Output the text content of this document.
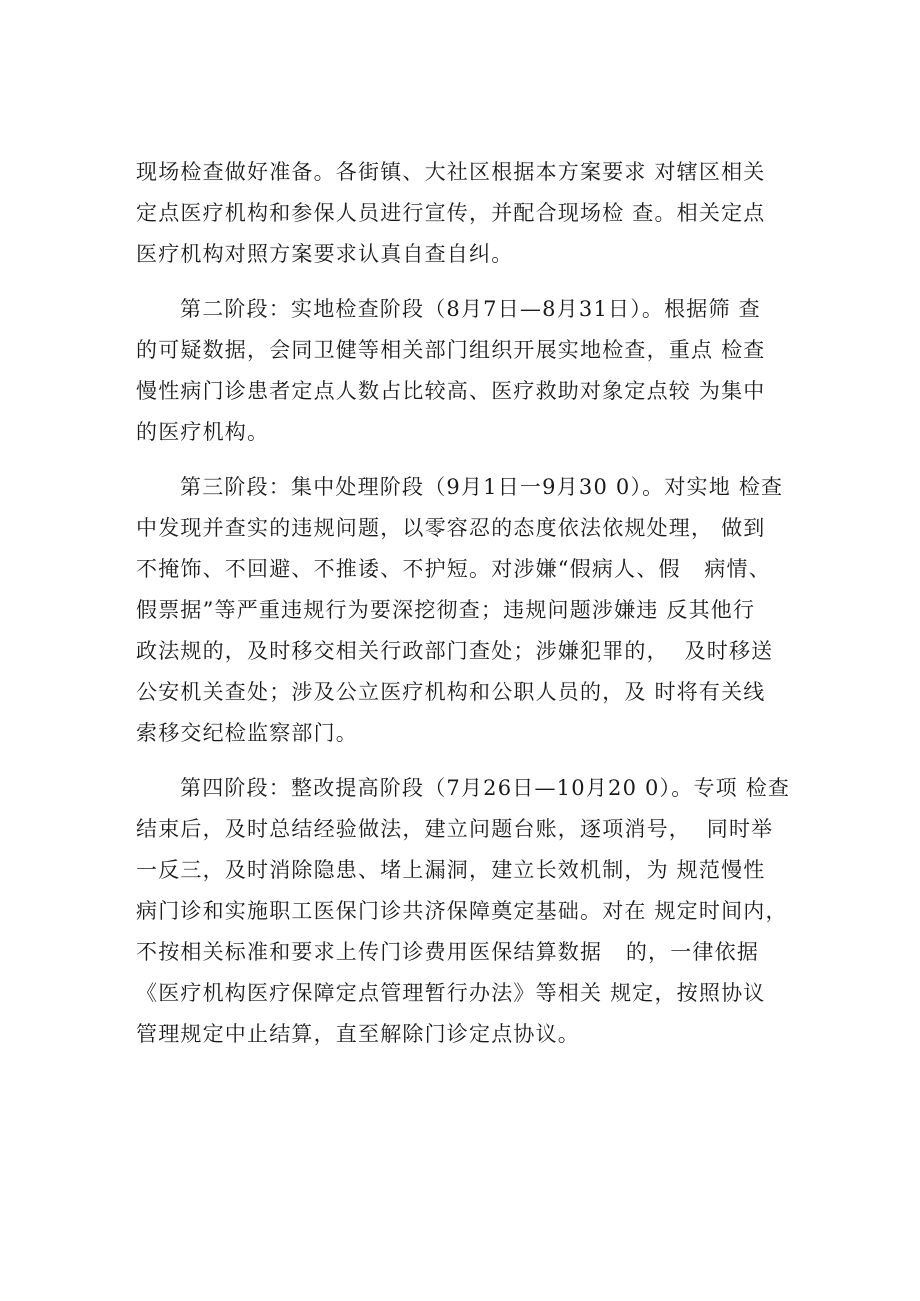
现场检查做好准备。各街镇、大社区根据本方案要求 对辖区相关
定点医疗机构和参保人员进行宣传，并配合现场检 查。相关定点
医疗机构对照方案要求认真自查自纠。
第二阶段：实地检查阶段（8月7日—8月31日）。根据筛 查
的可疑数据，会同卫健等相关部门组织开展实地检查，重点 检查
慢性病门诊患者定点人数占比较高、医疗救助对象定点较 为集中
的医疗机构。
第三阶段：集中处理阶段（9月1日一9月30 0）。对实地 检查
中发现并查实的违规问题，以零容忍的态度依法依规处理， 做到
不掩饰、不回避、不推诿、不护短。对涉嫌“假病人、假   病情、
假票据”等严重违规行为要深挖彻查；违规问题涉嫌违 反其他行
政法规的，及时移交相关行政部门查处；涉嫌犯罪的，  及时移送
公安机关查处；涉及公立医疗机构和公职人员的，及 时将有关线
索移交纪检监察部门。
第四阶段：整改提高阶段（7月26日—10月20 0）。专项 检查
结束后，及时总结经验做法，建立问题台账，逐项消号，  同时举
一反三，及时消除隐患、堵上漏洞，建立长效机制，为 规范慢性
病门诊和实施职工医保门诊共济保障奠定基础。对在 规定时间内，
不按相关标准和要求上传门诊费用医保结算数据   的，一律依据
《医疗机构医疗保障定点管理暂行办法》等相关 规定，按照协议
管理规定中止结算，直至解除门诊定点协议。
